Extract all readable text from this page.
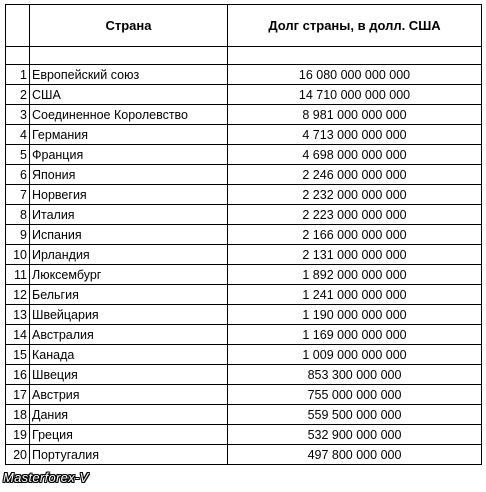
	Страна	Долг страны, в долл. США

1	Европейский союз	16 080 000 000 000
2	США	14 710 000 000 000
3	Соединенное Королевство	8 981 000 000 000
4	Германия	4 713 000 000 000
5	Франция	4 698 000 000 000
6	Япония	2 246 000 000 000
7	Норвегия	2 232 000 000 000
8	Италия	2 223 000 000 000
9	Испания	2 166 000 000 000
10	Ирландия	2 131 000 000 000
11	Люксембург	1 892 000 000 000
12	Бельгия	1 241 000 000 000
13	Швейцария	1 190 000 000 000
14	Австралия	1 169 000 000 000
15	Канада	1 009 000 000 000
16	Швеция	853 300 000 000
17	Австрия	755 000 000 000
18	Дания	559 500 000 000
19	Греция	532 900 000 000
20	Португалия	497 800 000 000
Masterforex-V
